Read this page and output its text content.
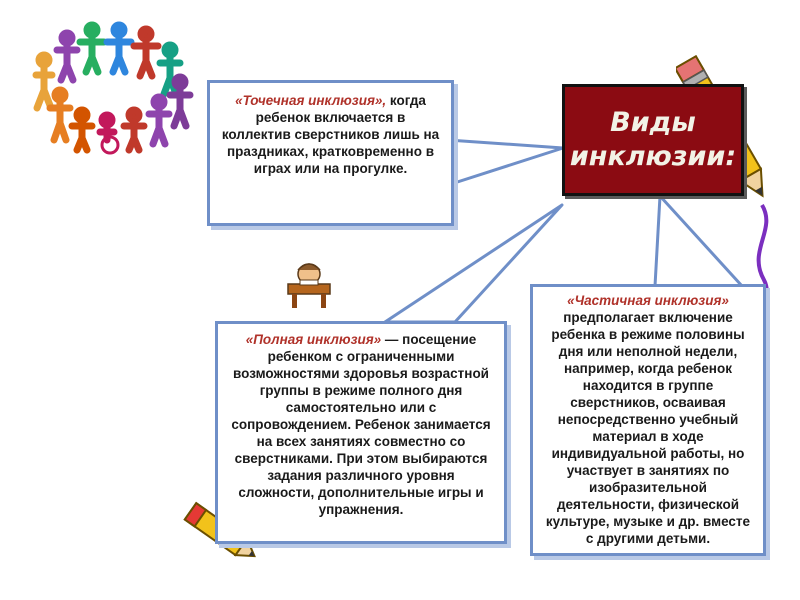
Виды
инклюзии:
«Точечная инклюзия», когда ребенок включается в коллектив сверстников лишь на праздниках, кратковременно в играх или на прогулке.
«Полная инклюзия» — посещение ребенком с ограниченными возможностями здоровья возрастной группы в режиме полного дня самостоятельно или с сопровождением. Ребенок занимается на всех занятиях совместно со сверстниками. При этом выбираются задания различного уровня сложности, дополнительные игры и упражнения.
«Частичная инклюзия» предполагает включение ребенка в режиме половины дня или неполной недели, например, когда ребенок находится в группе сверстников, осваивая непосредственно учебный материал в ходе индивидуальной работы, но участвует в занятиях по изобразительной деятельности, физической культуре, музыке и др. вместе с другими детьми.
